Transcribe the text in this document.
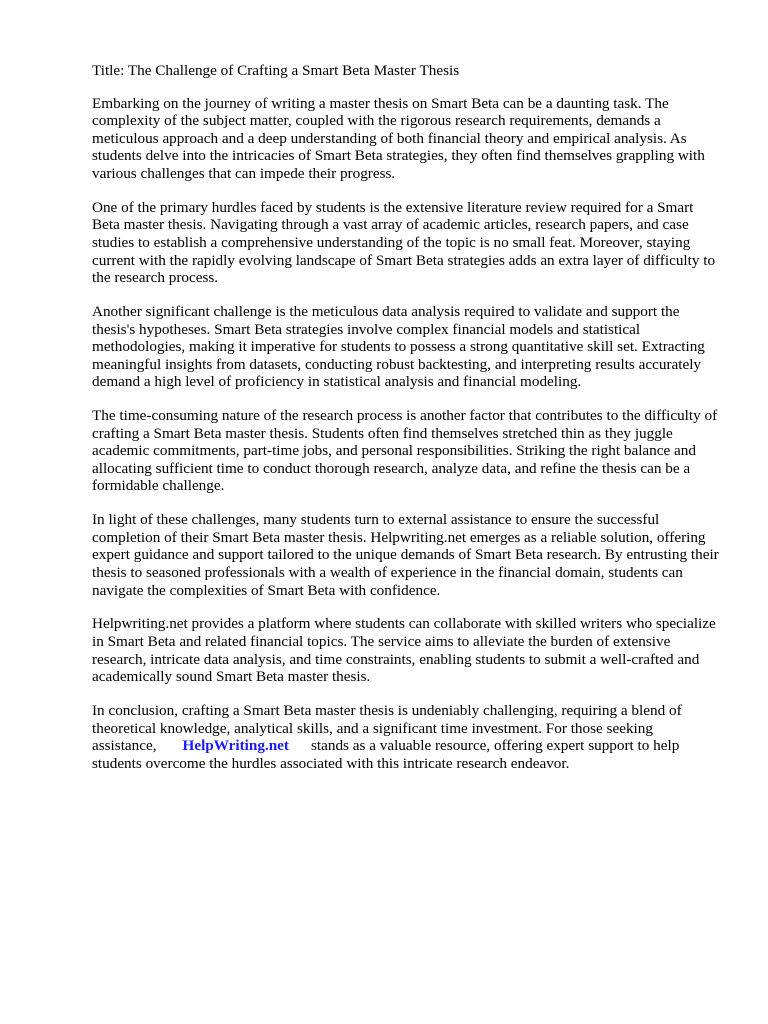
Title: The Challenge of Crafting a Smart Beta Master Thesis

Embarking on the journey of writing a master thesis on Smart Beta can be a daunting task. The complexity of the subject matter, coupled with the rigorous research requirements, demands a meticulous approach and a deep understanding of both financial theory and empirical analysis. As students delve into the intricacies of Smart Beta strategies, they often find themselves grappling with various challenges that can impede their progress.

One of the primary hurdles faced by students is the extensive literature review required for a Smart Beta master thesis. Navigating through a vast array of academic articles, research papers, and case studies to establish a comprehensive understanding of the topic is no small feat. Moreover, staying current with the rapidly evolving landscape of Smart Beta strategies adds an extra layer of difficulty to the research process.

Another significant challenge is the meticulous data analysis required to validate and support the thesis's hypotheses. Smart Beta strategies involve complex financial models and statistical methodologies, making it imperative for students to possess a strong quantitative skill set. Extracting meaningful insights from datasets, conducting robust backtesting, and interpreting results accurately demand a high level of proficiency in statistical analysis and financial modeling.

The time-consuming nature of the research process is another factor that contributes to the difficulty of crafting a Smart Beta master thesis. Students often find themselves stretched thin as they juggle academic commitments, part-time jobs, and personal responsibilities. Striking the right balance and allocating sufficient time to conduct thorough research, analyze data, and refine the thesis can be a formidable challenge.

In light of these challenges, many students turn to external assistance to ensure the successful completion of their Smart Beta master thesis. Helpwriting.net emerges as a reliable solution, offering expert guidance and support tailored to the unique demands of Smart Beta research. By entrusting their thesis to seasoned professionals with a wealth of experience in the financial domain, students can navigate the complexities of Smart Beta with confidence.

Helpwriting.net provides a platform where students can collaborate with skilled writers who specialize in Smart Beta and related financial topics. The service aims to alleviate the burden of extensive research, intricate data analysis, and time constraints, enabling students to submit a well-crafted and academically sound Smart Beta master thesis.

In conclusion, crafting a Smart Beta master thesis is undeniably challenging, requiring a blend of theoretical knowledge, analytical skills, and a significant time investment. For those seeking assistance, HelpWriting.net stands as a valuable resource, offering expert support to help students overcome the hurdles associated with this intricate research endeavor.
